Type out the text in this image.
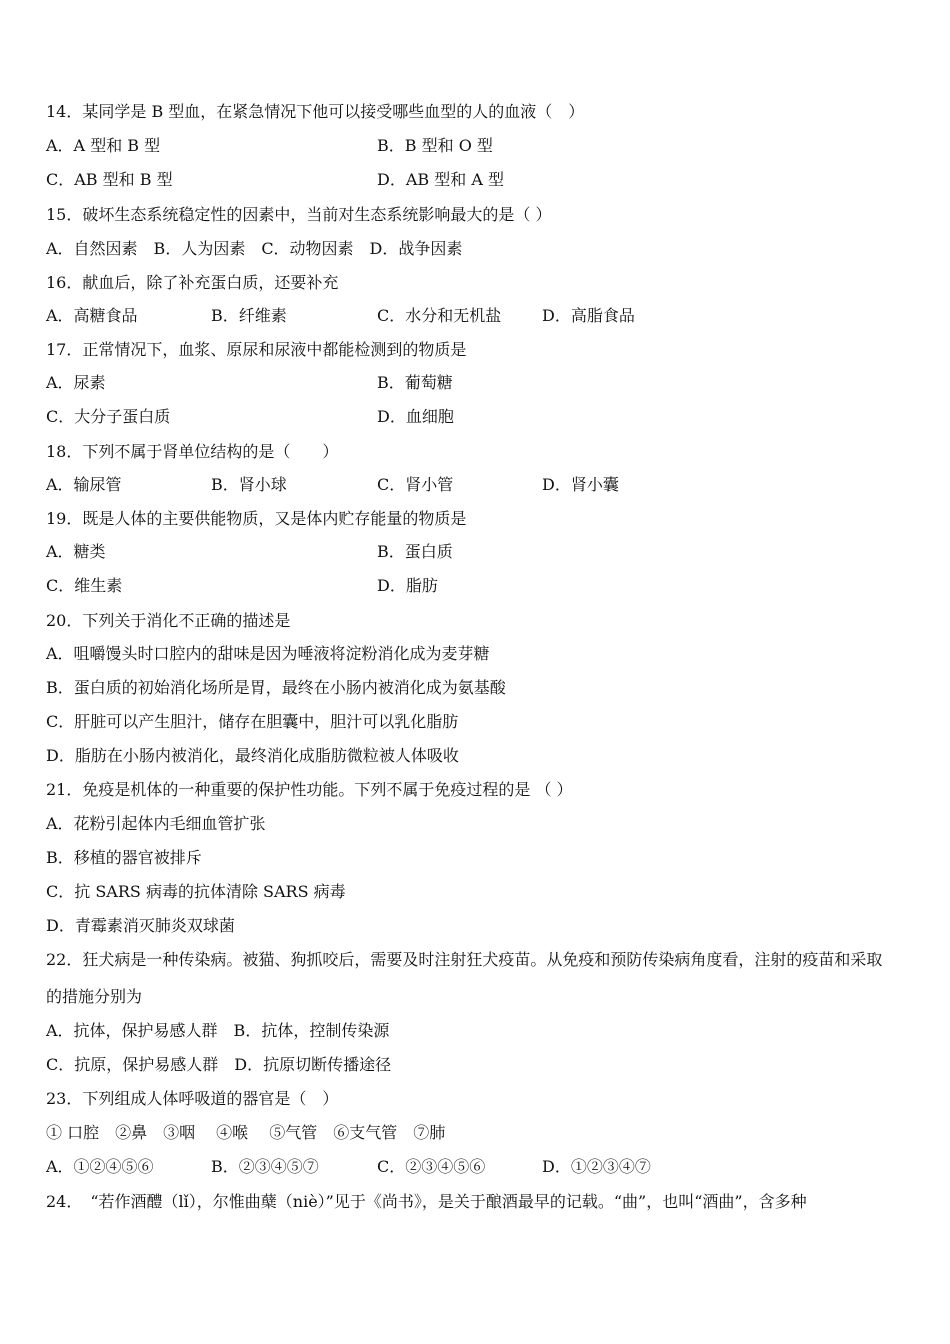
14．某同学是 B 型血，在紧急情况下他可以接受哪些血型的人的血液（　）
A．A 型和 B 型	B．B 型和 O 型
C．AB 型和 B 型	D．AB 型和 A 型
15．破坏生态系统稳定性的因素中，当前对生态系统影响最大的是（ ）
A．自然因素　B．人为因素　C．动物因素　D．战争因素
16．献血后，除了补充蛋白质，还要补充
A．高糖食品	B．纤维素	C．水分和无机盐	D．高脂食品
17．正常情况下，血浆、原尿和尿液中都能检测到的物质是
A．尿素	B．葡萄糖
C．大分子蛋白质	D．血细胞
18．下列不属于肾单位结构的是（　　）
A．输尿管	B．肾小球	C．肾小管	D．肾小囊
19．既是人体的主要供能物质，又是体内贮存能量的物质是
A．糖类	B．蛋白质
C．维生素	D．脂肪
20．下列关于消化不正确的描述是
A．咀嚼馒头时口腔内的甜味是因为唾液将淀粉消化成为麦芽糖
B．蛋白质的初始消化场所是胃，最终在小肠内被消化成为氨基酸
C．肝脏可以产生胆汁，储存在胆囊中，胆汁可以乳化脂肪
D．脂肪在小肠内被消化，最终消化成脂肪微粒被人体吸收
21．免疫是机体的一种重要的保护性功能。下列不属于免疫过程的是 （ ）
A．花粉引起体内毛细血管扩张
B．移植的器官被排斥
C．抗 SARS 病毒的抗体清除 SARS 病毒
D．青霉素消灭肺炎双球菌
22．狂犬病是一种传染病。被猫、狗抓咬后，需要及时注射狂犬疫苗。从免疫和预防传染病角度看，注射的疫苗和采取
的措施分别为
A．抗体，保护易感人群　B．抗体，控制传染源
C．抗原，保护易感人群　D．抗原切断传播途径
23．下列组成人体呼吸道的器官是（　）
① 口腔　②鼻　③咽　 ④喉　 ⑤气管　⑥支气管　⑦肺
A．①②④⑤⑥	B．②③④⑤⑦	C．②③④⑤⑥	D．①②③④⑦
24．　“若作酒醴（lǐ），尔惟曲蘖（niè）”见于《尚书》，是关于酿酒最早的记载。“曲”，也叫“酒曲”，含多种
